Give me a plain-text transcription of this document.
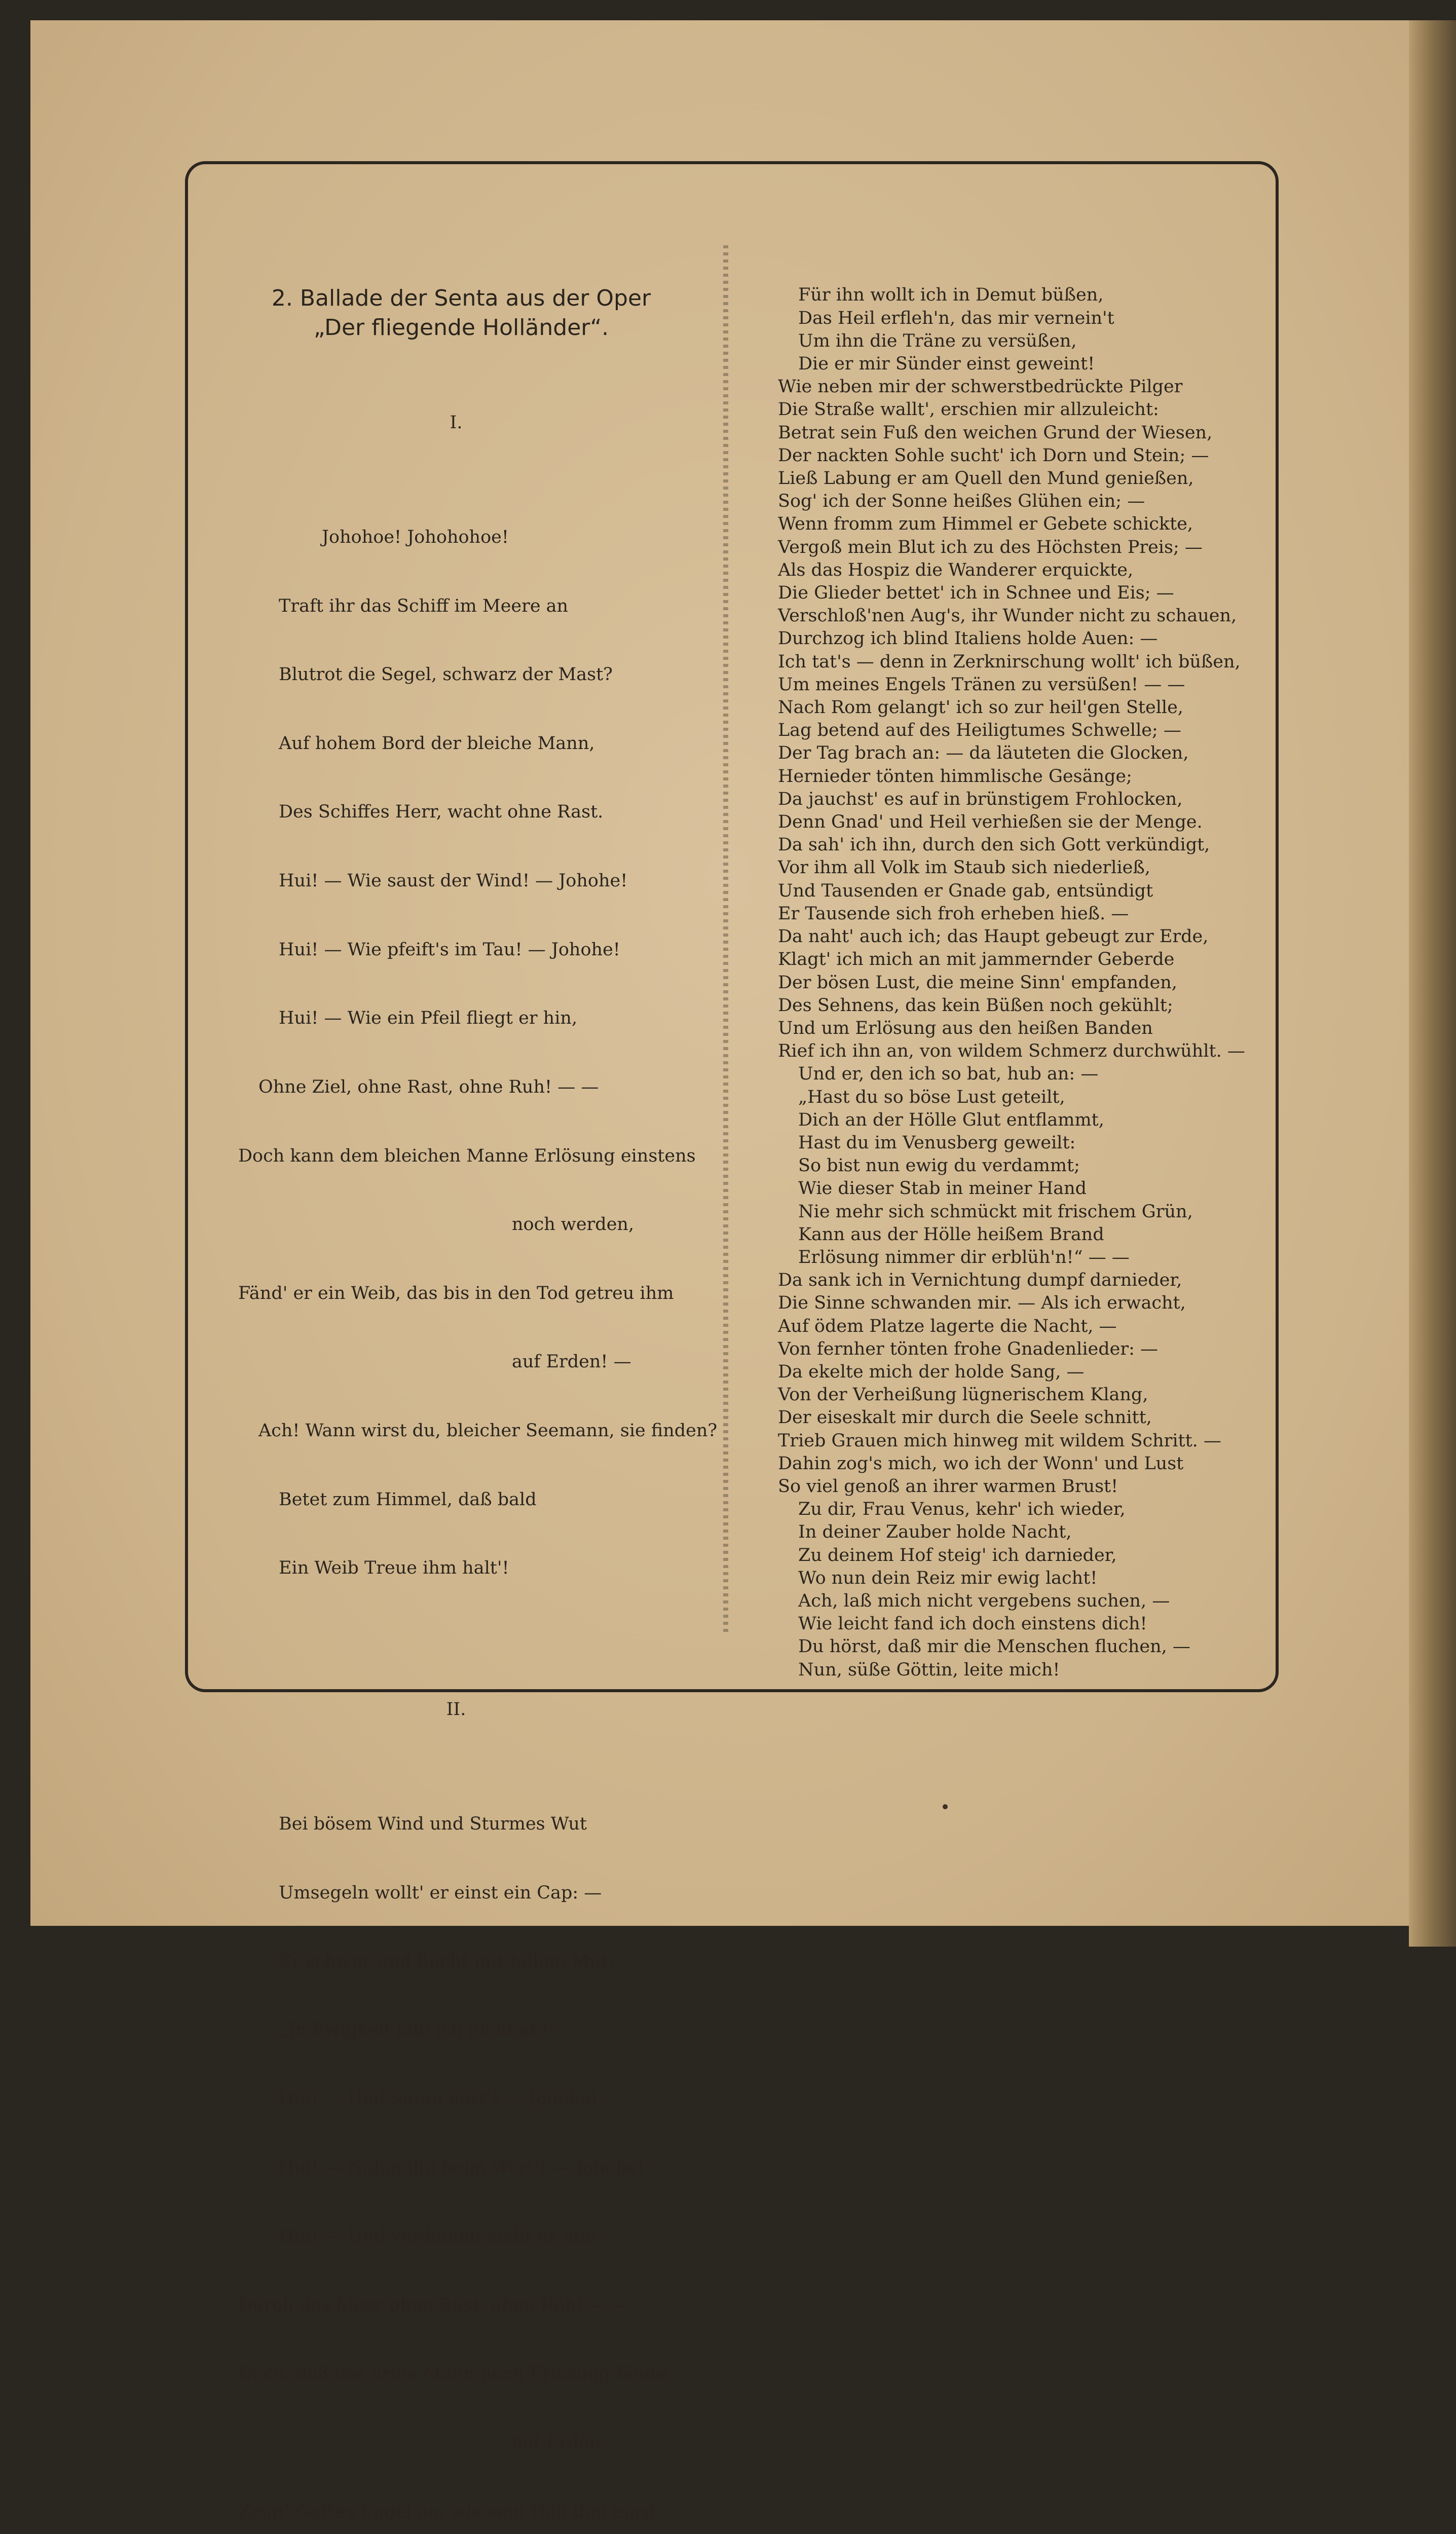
2. Ballade der Senta aus der Oper
„Der fliegende Holländer“.

I.

Johohoe! Johohohoe!

Traft ihr das Schiff im Meere an

Blutrot die Segel, schwarz der Mast?

Auf hohem Bord der bleiche Mann,

Des Schiffes Herr, wacht ohne Rast.

Hui! — Wie saust der Wind! — Johohe!

Hui! — Wie pfeift's im Tau! — Johohe!

Hui! — Wie ein Pfeil fliegt er hin,

Ohne Ziel, ohne Rast, ohne Ruh! — —

Doch kann dem bleichen Manne Erlösung einstens

noch werden,

Fänd' er ein Weib, das bis in den Tod getreu ihm

auf Erden! —

Ach! Wann wirst du, bleicher Seemann, sie finden?

Betet zum Himmel, daß bald

Ein Weib Treue ihm halt'!

II.

Bei bösem Wind und Sturmes Wut

Umsegeln wollt' er einst ein Cap: —

Er schwur und flucht mit tollem Mut:

„In Ewigkeit laß' ich nicht ab!“

Hui! — Und Satan hört's — Johohe!

Hui! — Nahm ihn beim Wort'! — Johohe!

Hui! — Und verdammt zieht er nun

Durch das Meer ohne Rast, ohne Ruh! — —

Doch, daß der arme Mann noch Erlösung fände

auf Erden,

Zeigt' Gottes Engel an, wie sein Heil ihm einst

Für ihn wollt ich in Demut büßen,
Das Heil erfleh'n, das mir vernein't
Um ihn die Träne zu versüßen,
Die er mir Sünder einst geweint!
Wie neben mir der schwerstbedrückte Pilger
Die Straße wallt', erschien mir allzuleicht:
Betrat sein Fuß den weichen Grund der Wiesen,
Der nackten Sohle sucht' ich Dorn und Stein; —
Ließ Labung er am Quell den Mund genießen,
Sog' ich der Sonne heißes Glühen ein; —
Wenn fromm zum Himmel er Gebete schickte,
Vergoß mein Blut ich zu des Höchsten Preis; —
Als das Hospiz die Wanderer erquickte,
Die Glieder bettet' ich in Schnee und Eis; —
Verschloß'nen Aug's, ihr Wunder nicht zu schauen,
Durchzog ich blind Italiens holde Auen: —
Ich tat's — denn in Zerknirschung wollt' ich büßen,
Um meines Engels Tränen zu versüßen! — —
Nach Rom gelangt' ich so zur heil'gen Stelle,
Lag betend auf des Heiligtumes Schwelle; —
Der Tag brach an: — da läuteten die Glocken,
Hernieder tönten himmlische Gesänge;
Da jauchst' es auf in brünstigem Frohlocken,
Denn Gnad' und Heil verhießen sie der Menge.
Da sah' ich ihn, durch den sich Gott verkündigt,
Vor ihm all Volk im Staub sich niederließ,
Und Tausenden er Gnade gab, entsündigt
Er Tausende sich froh erheben hieß. —
Da naht' auch ich; das Haupt gebeugt zur Erde,
Klagt' ich mich an mit jammernder Geberde
Der bösen Lust, die meine Sinn' empfanden,
Des Sehnens, das kein Büßen noch gekühlt;
Und um Erlösung aus den heißen Banden
Rief ich ihn an, von wildem Schmerz durchwühlt. —
Und er, den ich so bat, hub an: —
„Hast du so böse Lust geteilt,
Dich an der Hölle Glut entflammt,
Hast du im Venusberg geweilt:
So bist nun ewig du verdammt;
Wie dieser Stab in meiner Hand
Nie mehr sich schmückt mit frischem Grün,
Kann aus der Hölle heißem Brand
Erlösung nimmer dir erblüh'n!“ — —
Da sank ich in Vernichtung dumpf darnieder,
Die Sinne schwanden mir. — Als ich erwacht,
Auf ödem Platze lagerte die Nacht, —
Von fernher tönten frohe Gnadenlieder: —
Da ekelte mich der holde Sang, —
Von der Verheißung lügnerischem Klang,
Der eiseskalt mir durch die Seele schnitt,
Trieb Grauen mich hinweg mit wildem Schritt. —
Dahin zog's mich, wo ich der Wonn' und Lust
So viel genoß an ihrer warmen Brust!
Zu dir, Frau Venus, kehr' ich wieder,
In deiner Zauber holde Nacht,
Zu deinem Hof steig' ich darnieder,
Wo nun dein Reiz mir ewig lacht!
Ach, laß mich nicht vergebens suchen, —
Wie leicht fand ich doch einstens dich!
Du hörst, daß mir die Menschen fluchen, —
Nun, süße Göttin, leite mich!
